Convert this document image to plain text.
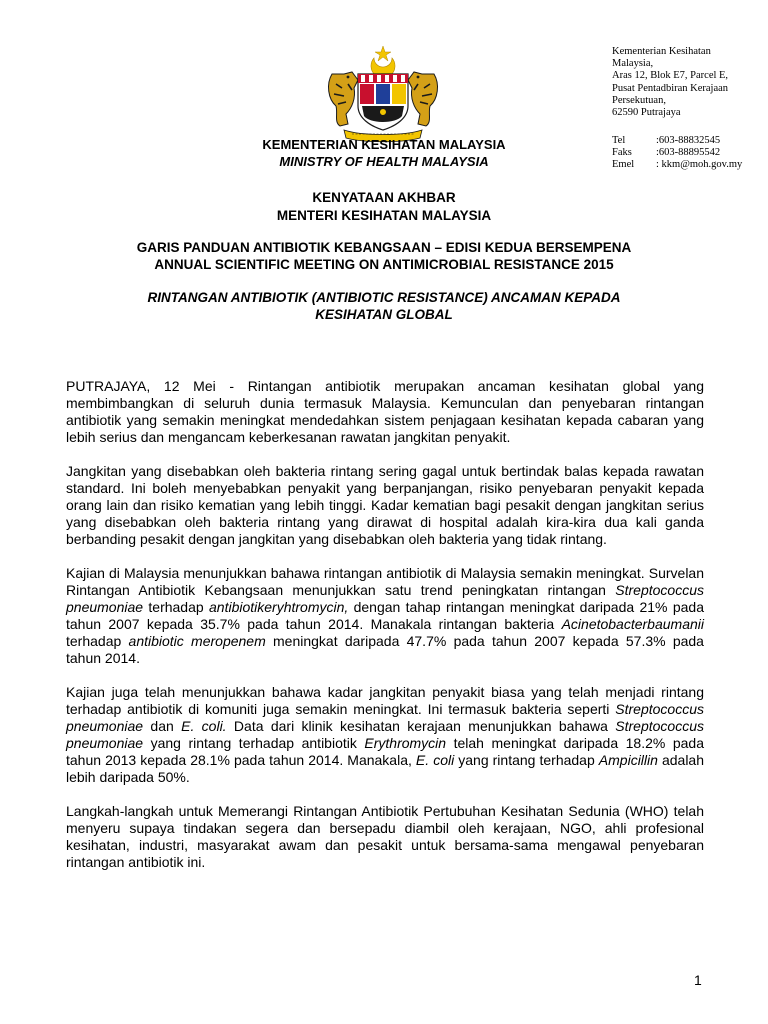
Kementerian Kesihatan
Malaysia,
Aras 12, Blok E7, Parcel E,
Pusat Pentadbiran Kerajaan
Persekutuan,
62590 Putrajaya
Tel	:603-88832545
Faks	:603-88895542
Emel	: kkm@moh.gov.my
KEMENTERIAN KESIHATAN MALAYSIA
MINISTRY OF HEALTH MALAYSIA
KENYATAAN AKHBAR
MENTERI KESIHATAN MALAYSIA
GARIS PANDUAN ANTIBIOTIK KEBANGSAAN – EDISI KEDUA BERSEMPENA
ANNUAL SCIENTIFIC MEETING ON ANTIMICROBIAL RESISTANCE 2015
RINTANGAN ANTIBIOTIK (ANTIBIOTIC RESISTANCE) ANCAMAN KEPADA
KESIHATAN GLOBAL

PUTRAJAYA, 12 Mei - Rintangan antibiotik merupakan ancaman kesihatan global yang membimbangkan di seluruh dunia termasuk Malaysia. Kemunculan dan penyebaran rintangan antibiotik yang semakin meningkat mendedahkan sistem penjagaan kesihatan kepada cabaran yang lebih serius dan mengancam keberkesanan rawatan jangkitan penyakit.

Jangkitan yang disebabkan oleh bakteria rintang sering gagal untuk bertindak balas kepada rawatan standard. Ini boleh menyebabkan penyakit yang berpanjangan, risiko penyebaran penyakit kepada orang lain dan risiko kematian yang lebih tinggi. Kadar kematian bagi pesakit dengan jangkitan serius yang disebabkan oleh bakteria rintang yang dirawat di hospital adalah kira-kira dua kali ganda berbanding pesakit dengan jangkitan yang disebabkan oleh bakteria yang tidak rintang.

Kajian di Malaysia menunjukkan bahawa rintangan antibiotik di Malaysia semakin meningkat. Survelan Rintangan Antibiotik Kebangsaan menunjukkan satu trend peningkatan rintangan Streptococcus pneumoniae terhadap antibiotikeryhtromycin, dengan tahap rintangan meningkat daripada 21% pada tahun 2007 kepada 35.7% pada tahun 2014. Manakala rintangan bakteria Acinetobacterbaumanii terhadap antibiotic meropenem meningkat daripada 47.7% pada tahun 2007 kepada 57.3% pada tahun 2014.

Kajian juga telah menunjukkan bahawa kadar jangkitan penyakit biasa yang telah menjadi rintang terhadap antibiotik di komuniti juga semakin meningkat. Ini termasuk bakteria seperti Streptococcus pneumoniae dan E. coli. Data dari klinik kesihatan kerajaan menunjukkan bahawa Streptococcus pneumoniae yang rintang terhadap antibiotik Erythromycin telah meningkat daripada 18.2% pada tahun 2013 kepada 28.1% pada tahun 2014. Manakala, E. coli yang rintang terhadap Ampicillin adalah lebih daripada 50%.

Langkah-langkah untuk Memerangi Rintangan Antibiotik Pertubuhan Kesihatan Sedunia (WHO) telah menyeru supaya tindakan segera dan bersepadu diambil oleh kerajaan, NGO, ahli profesional kesihatan, industri, masyarakat awam dan pesakit untuk bersama-sama mengawal penyebaran rintangan antibiotik ini.

1
